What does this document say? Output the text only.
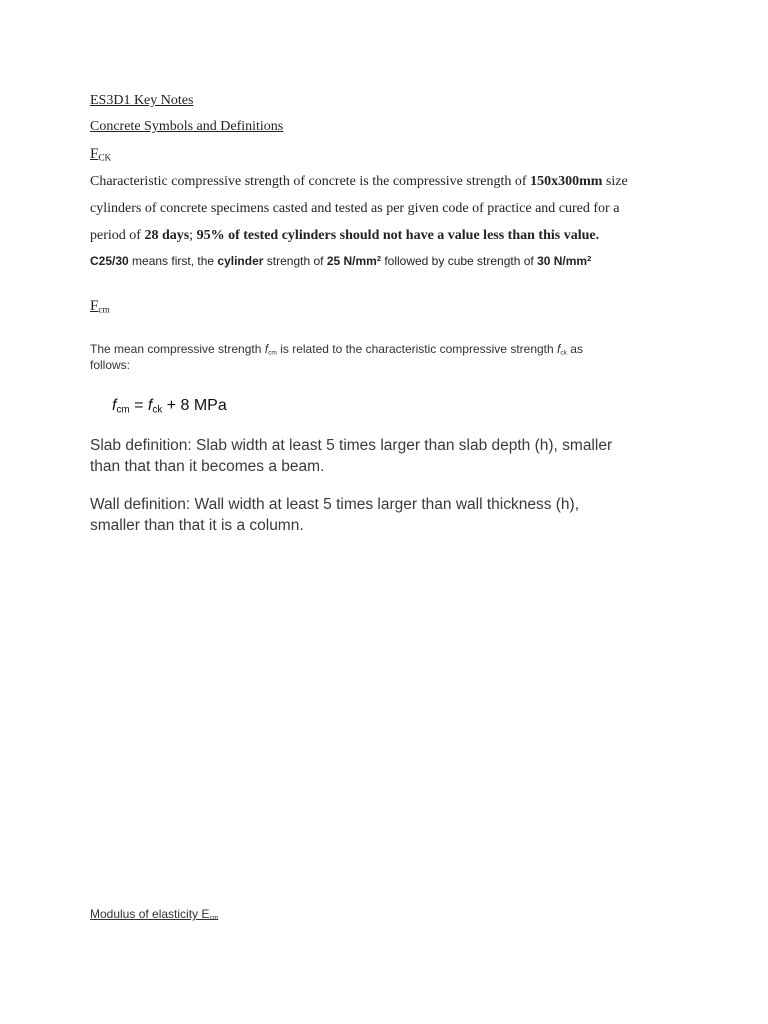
ES3D1 Key Notes
Concrete Symbols and Definitions
$F_{CK}$
Characteristic compressive strength of concrete is the compressive strength of 150x300mm size
cylinders of concrete specimens casted and tested as per given code of practice and cured for a
period of 28 days; 95% of tested cylinders should not have a value less than this value.
C25/30 means first, the cylinder strength of 25 $N/mm^2$ followed by cube strength of 30 $N/mm^2$
$F_{cm}$
The mean compressive strength $f_{cm}$ is related to the characteristic compressive strength $f_{ck}$ as
follows:
$f_{cm} = f_{ck} + 8$ MPa
Slab definition: Slab width at least 5 times larger than slab depth (h), smaller
than that than it becomes a beam.
Wall definition: Wall width at least 5 times larger than wall thickness (h),
smaller than that it is a column.
Modulus of elasticity $E_{cm}$
